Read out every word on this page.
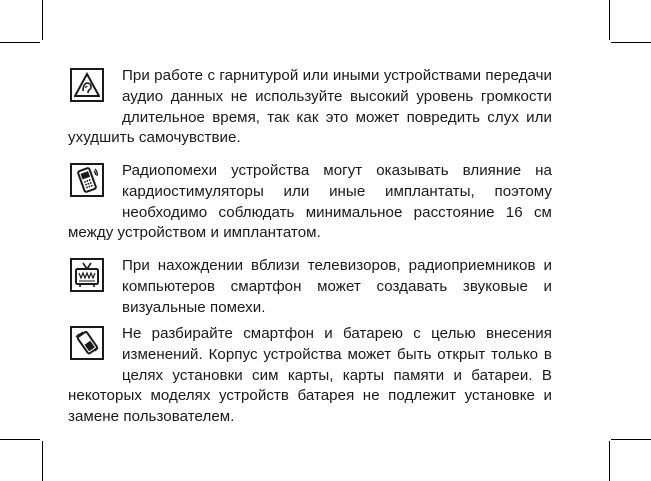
При работе с гарнитурой или иными устройствами передачи аудио данных не используйте высокий уровень громкости длительное время, так как это может повредить слух или ухудшить самочувствие.

Радиопомехи устройства могут оказывать влияние на кардиостимуляторы или иные имплантаты, поэтому необходимо соблюдать минимальное расстояние 16 см между устройством и имплантатом.

При нахождении вблизи телевизоров, радиоприемников и компьютеров смартфон может создавать звуковые и визуальные помехи.

Не разбирайте смартфон и батарею с целью внесения изменений. Корпус устройства может быть открыт только в целях установки сим карты, карты памяти и батареи. В некоторых моделях устройств батарея не подлежит установке и замене пользователем.
